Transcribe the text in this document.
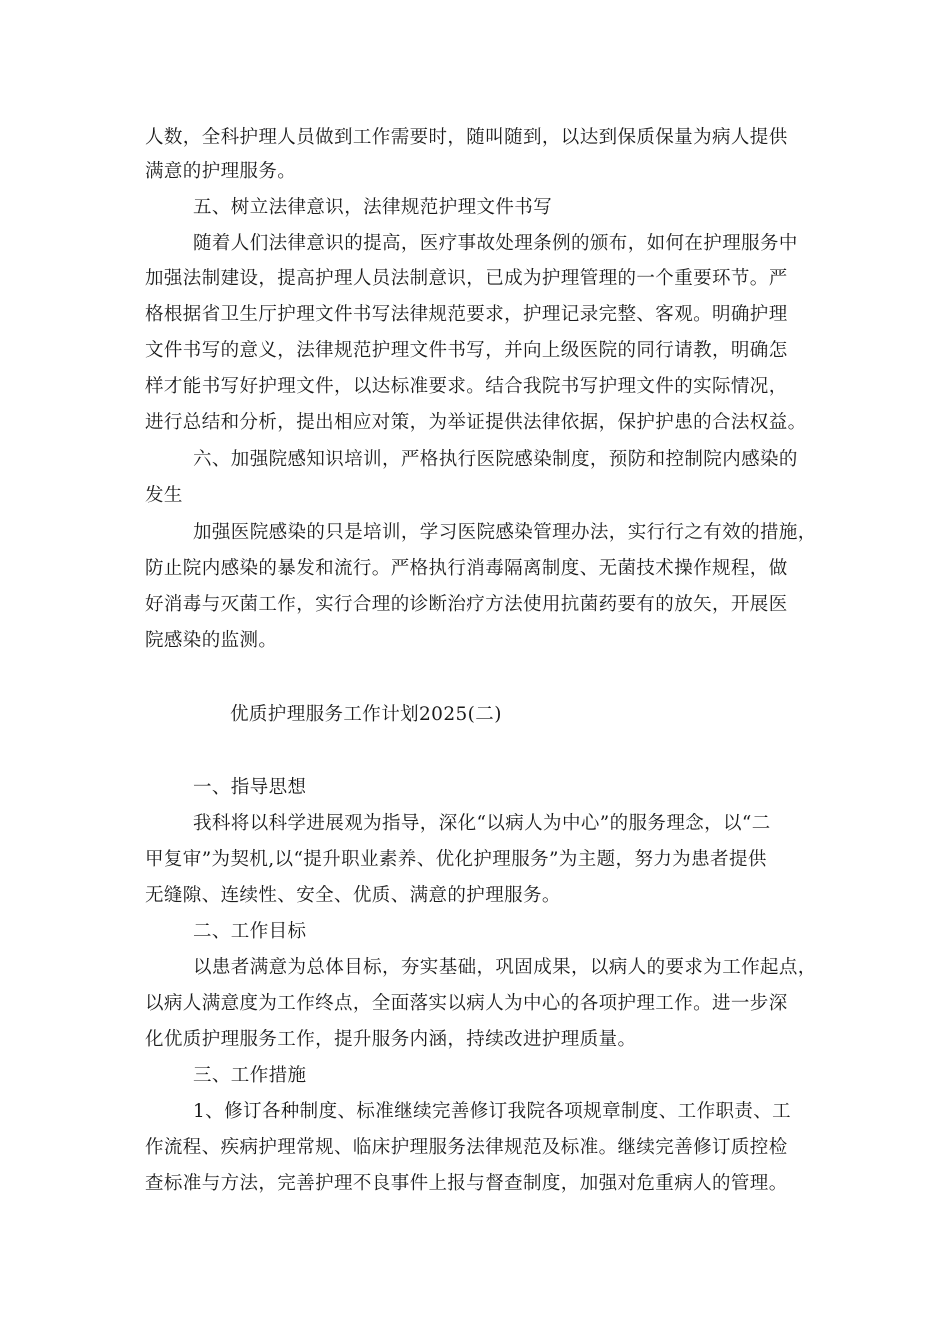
人数，全科护理人员做到工作需要时，随叫随到，以达到保质保量为病人提供
满意的护理服务。
五、树立法律意识，法律规范护理文件书写
随着人们法律意识的提高，医疗事故处理条例的颁布，如何在护理服务中
加强法制建设，提高护理人员法制意识，已成为护理管理的一个重要环节。严
格根据省卫生厅护理文件书写法律规范要求，护理记录完整、客观。明确护理
文件书写的意义，法律规范护理文件书写，并向上级医院的同行请教，明确怎
样才能书写好护理文件，以达标准要求。结合我院书写护理文件的实际情况，
进行总结和分析，提出相应对策，为举证提供法律依据，保护护患的合法权益。
六、加强院感知识培训，严格执行医院感染制度，预防和控制院内感染的
发生
加强医院感染的只是培训，学习医院感染管理办法，实行行之有效的措施，
防止院内感染的暴发和流行。严格执行消毒隔离制度、无菌技术操作规程，做
好消毒与灭菌工作，实行合理的诊断治疗方法使用抗菌药要有的放矢，开展医
院感染的监测。
优质护理服务工作计划2025(二)
一、指导思想
我科将以科学进展观为指导，深化“以病人为中心”的服务理念，以“二
甲复审”为契机,以“提升职业素养、优化护理服务”为主题，努力为患者提供
无缝隙、连续性、安全、优质、满意的护理服务。
二、工作目标
以患者满意为总体目标，夯实基础，巩固成果，以病人的要求为工作起点，
以病人满意度为工作终点，全面落实以病人为中心的各项护理工作。进一步深
化优质护理服务工作，提升服务内涵，持续改进护理质量。
三、工作措施
1、修订各种制度、标准继续完善修订我院各项规章制度、工作职责、工
作流程、疾病护理常规、临床护理服务法律规范及标准。继续完善修订质控检
查标准与方法，完善护理不良事件上报与督查制度，加强对危重病人的管理。
